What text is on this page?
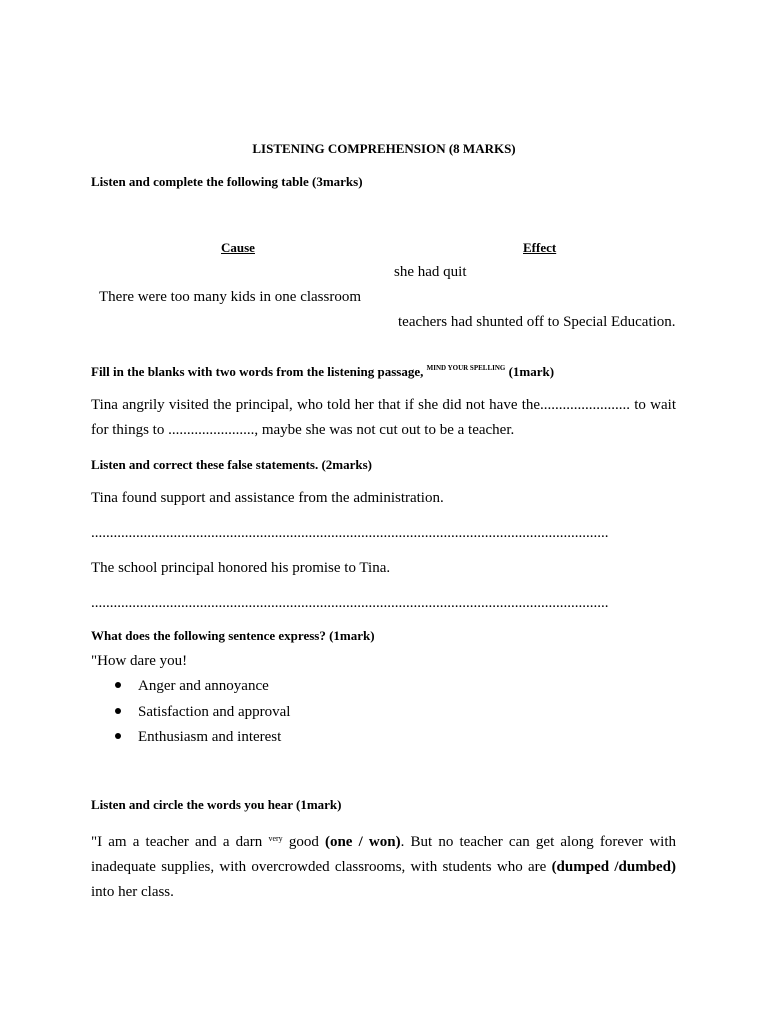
LISTENING COMPREHENSION (8 MARKS)
Listen and complete the following table (3marks)
Cause	Effect
she had quit
There were too many kids in one classroom
teachers had shunted off to Special Education.
Fill in the blanks with two words from the listening passage, $^{MIND YOUR SPELLING}$ (1mark)
Tina angrily visited the principal, who told her that if she did not have the........................ to wait for things to ......................., maybe she was not cut out to be a teacher.
Listen and correct these false statements. (2marks)
Tina found support and assistance from the administration.
..........................................................................................................................................
The school principal honored his promise to Tina.
..........................................................................................................................................
What does the following sentence express? (1mark)
"How dare you!
Anger and annoyance
Satisfaction and approval
Enthusiasm and interest
Listen and circle the words you hear (1mark)
"I am a teacher and a darn $^{very}$ good (one / won). But no teacher can get along forever with inadequate supplies, with overcrowded classrooms, with students who are (dumped /dumbed) into her class.
